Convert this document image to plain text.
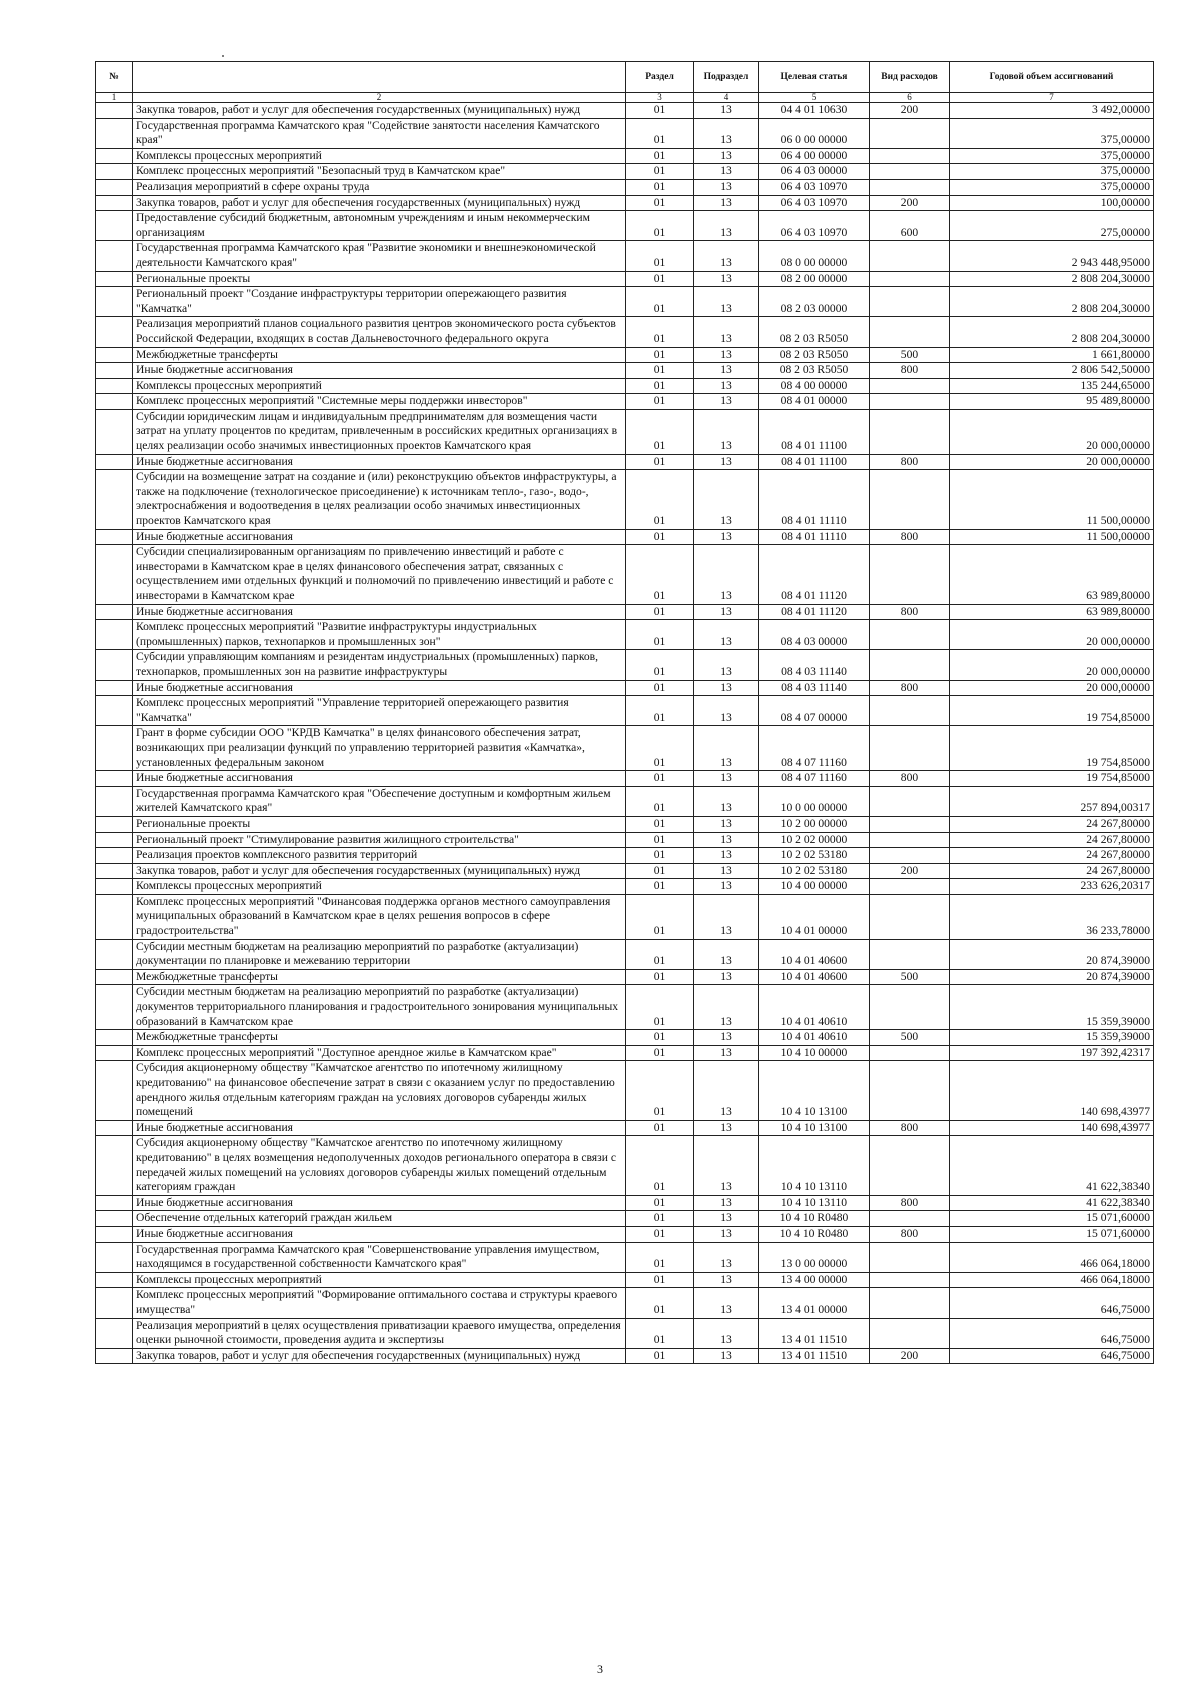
№		Раздел	Подраздел	Целевая статья	Вид расходов	Годовой объем ассигнований
1	2	3	4	5	6	7
	Закупка товаров, работ и услуг для обеспечения государственных (муниципальных) нужд	01	13	04 4 01 10630	200	3 492,00000
	Государственная программа Камчатского края "Содействие занятости населения Камчатского края"	01	13	06 0 00 00000		375,00000
	Комплексы процессных мероприятий	01	13	06 4 00 00000		375,00000
	Комплекс процессных мероприятий "Безопасный труд в Камчатском крае"	01	13	06 4 03 00000		375,00000
	Реализация мероприятий в сфере охраны труда	01	13	06 4 03 10970		375,00000
	Закупка товаров, работ и услуг для обеспечения государственных (муниципальных) нужд	01	13	06 4 03 10970	200	100,00000
	Предоставление субсидий бюджетным, автономным учреждениям и иным некоммерческим организациям	01	13	06 4 03 10970	600	275,00000
	Государственная программа Камчатского края "Развитие экономики и внешнеэкономической деятельности Камчатского края"	01	13	08 0 00 00000		2 943 448,95000
	Региональные проекты	01	13	08 2 00 00000		2 808 204,30000
	Региональный проект "Создание инфраструктуры территории опережающего развития "Камчатка"	01	13	08 2 03 00000		2 808 204,30000
	Реализация мероприятий планов социального развития центров экономического роста субъектов Российской Федерации, входящих в состав Дальневосточного федерального округа	01	13	08 2 03 R5050		2 808 204,30000
	Межбюджетные трансферты	01	13	08 2 03 R5050	500	1 661,80000
	Иные бюджетные ассигнования	01	13	08 2 03 R5050	800	2 806 542,50000
	Комплексы процессных мероприятий	01	13	08 4 00 00000		135 244,65000
	Комплекс процессных мероприятий "Системные меры поддержки инвесторов"	01	13	08 4 01 00000		95 489,80000
	Субсидии юридическим лицам и индивидуальным предпринимателям для возмещения части затрат на уплату процентов по кредитам, привлеченным в российских кредитных организациях в целях реализации особо значимых инвестиционных проектов Камчатского края	01	13	08 4 01 11100		20 000,00000
	Иные бюджетные ассигнования	01	13	08 4 01 11100	800	20 000,00000
	Субсидии на возмещение затрат на создание и (или) реконструкцию объектов инфраструктуры, а также на подключение (технологическое присоединение) к источникам тепло-, газо-, водо-, электроснабжения и водоотведения в целях реализации особо значимых инвестиционных проектов Камчатского края	01	13	08 4 01 11110		11 500,00000
	Иные бюджетные ассигнования	01	13	08 4 01 11110	800	11 500,00000
	Субсидии специализированным организациям по привлечению инвестиций и работе с инвесторами в Камчатском крае в целях финансового обеспечения затрат, связанных с осуществлением ими отдельных функций и полномочий по привлечению инвестиций и работе с инвесторами в Камчатском крае	01	13	08 4 01 11120		63 989,80000
	Иные бюджетные ассигнования	01	13	08 4 01 11120	800	63 989,80000
	Комплекс процессных мероприятий "Развитие инфраструктуры индустриальных (промышленных) парков, технопарков и промышленных зон"	01	13	08 4 03 00000		20 000,00000
	Субсидии управляющим компаниям и резидентам индустриальных (промышленных) парков, технопарков, промышленных зон на развитие инфраструктуры	01	13	08 4 03 11140		20 000,00000
	Иные бюджетные ассигнования	01	13	08 4 03 11140	800	20 000,00000
	Комплекс процессных мероприятий "Управление территорией опережающего развития "Камчатка"	01	13	08 4 07 00000		19 754,85000
	Грант в форме субсидии ООО "КРДВ Камчатка" в целях финансового обеспечения затрат, возникающих при реализации функций по управлению территорией развития «Камчатка», установленных федеральным законом	01	13	08 4 07 11160		19 754,85000
	Иные бюджетные ассигнования	01	13	08 4 07 11160	800	19 754,85000
	Государственная программа Камчатского края "Обеспечение доступным и комфортным жильем жителей Камчатского края"	01	13	10 0 00 00000		257 894,00317
	Региональные проекты	01	13	10 2 00 00000		24 267,80000
	Региональный проект "Стимулирование развития жилищного строительства"	01	13	10 2 02 00000		24 267,80000
	Реализация проектов комплексного развития территорий	01	13	10 2 02 53180		24 267,80000
	Закупка товаров, работ и услуг для обеспечения государственных (муниципальных) нужд	01	13	10 2 02 53180	200	24 267,80000
	Комплексы процессных мероприятий	01	13	10 4 00 00000		233 626,20317
	Комплекс процессных мероприятий "Финансовая поддержка органов местного самоуправления муниципальных образований в Камчатском крае в целях решения вопросов в сфере градостроительства"	01	13	10 4 01 00000		36 233,78000
	Субсидии местным бюджетам на реализацию мероприятий по разработке (актуализации) документации по планировке и межеванию территории	01	13	10 4 01 40600		20 874,39000
	Межбюджетные трансферты	01	13	10 4 01 40600	500	20 874,39000
	Субсидии местным бюджетам на реализацию мероприятий по разработке (актуализации) документов территориального планирования и градостроительного зонирования муниципальных образований в Камчатском крае	01	13	10 4 01 40610		15 359,39000
	Межбюджетные трансферты	01	13	10 4 01 40610	500	15 359,39000
	Комплекс процессных мероприятий "Доступное арендное жилье в Камчатском крае"	01	13	10 4 10 00000		197 392,42317
	Субсидия акционерному обществу "Камчатское агентство по ипотечному жилищному кредитованию" на финансовое обеспечение затрат в связи с оказанием услуг по предоставлению арендного жилья отдельным категориям граждан на условиях договоров субаренды жилых помещений	01	13	10 4 10 13100		140 698,43977
	Иные бюджетные ассигнования	01	13	10 4 10 13100	800	140 698,43977
	Субсидия акционерному обществу "Камчатское агентство по ипотечному жилищному кредитованию" в целях возмещения недополученных доходов регионального оператора в связи с передачей жилых помещений на условиях договоров субаренды жилых помещений отдельным категориям граждан	01	13	10 4 10 13110		41 622,38340
	Иные бюджетные ассигнования	01	13	10 4 10 13110	800	41 622,38340
	Обеспечение отдельных категорий граждан жильем	01	13	10 4 10 R0480		15 071,60000
	Иные бюджетные ассигнования	01	13	10 4 10 R0480	800	15 071,60000
	Государственная программа Камчатского края "Совершенствование управления имуществом, находящимся в государственной собственности Камчатского края"	01	13	13 0 00 00000		466 064,18000
	Комплексы процессных мероприятий	01	13	13 4 00 00000		466 064,18000
	Комплекс процессных мероприятий "Формирование оптимального состава и структуры краевого имущества"	01	13	13 4 01 00000		646,75000
	Реализация мероприятий в целях осуществления приватизации краевого имущества, определения оценки рыночной стоимости, проведения аудита и экспертизы	01	13	13 4 01 11510		646,75000
	Закупка товаров, работ и услуг для обеспечения государственных (муниципальных) нужд	01	13	13 4 01 11510	200	646,75000
3
